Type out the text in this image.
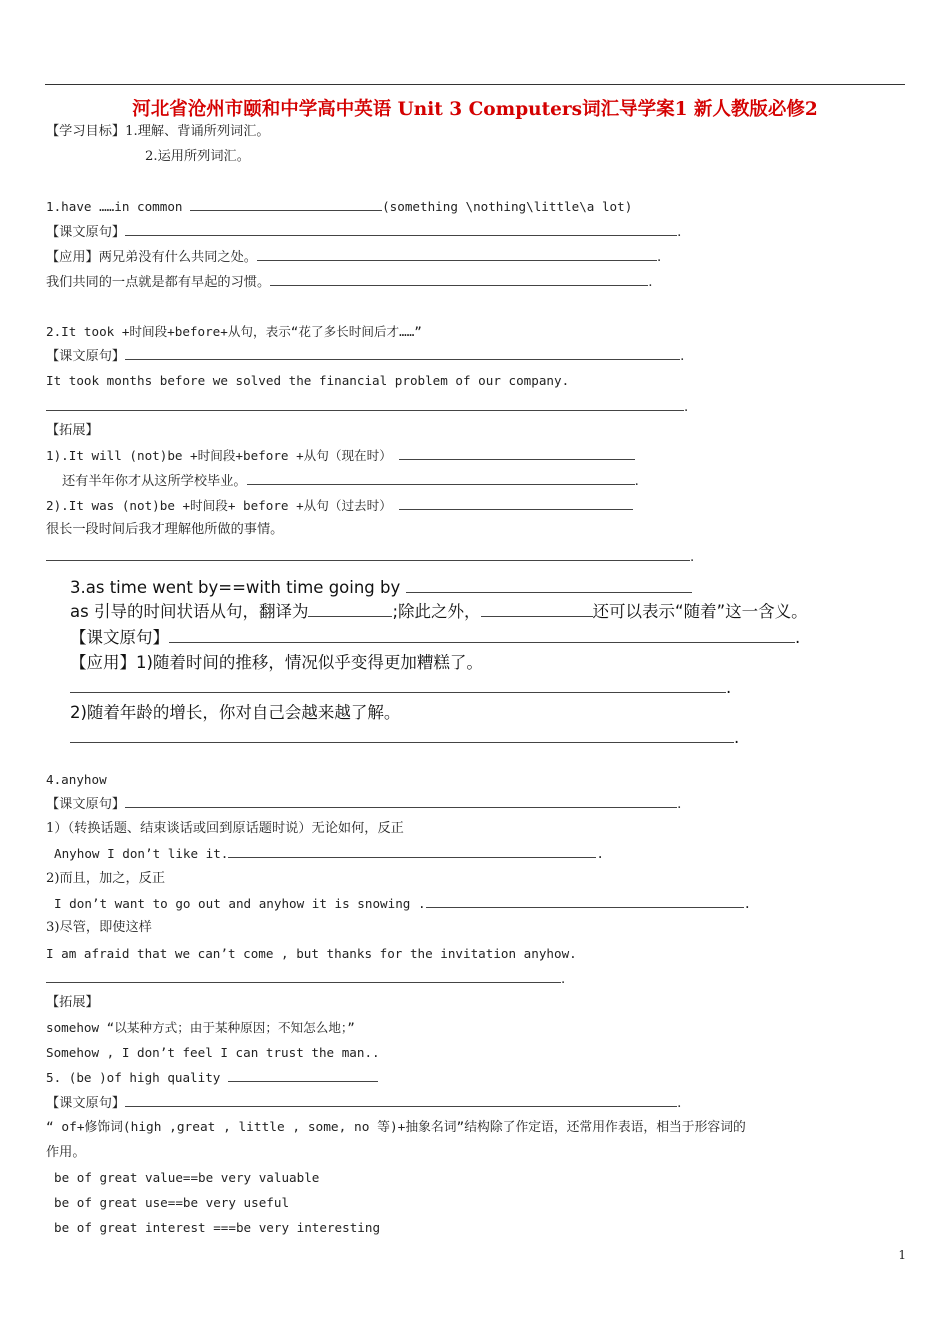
河北省沧州市颐和中学高中英语 Unit 3 Computers词汇导学案1 新人教版必修2
【学习目标】1.理解、背诵所列词汇。
2.运用所列词汇。
1.have ……in common	(something \nothing\little\a lot)
【课文原句】	.
【应用】两兄弟没有什么共同之处。	.
我们共同的一点就是都有早起的习惯。	.
2.It took +时间段+before+从句，表示“花了多长时间后才……”
【课文原句】	.
It took months before we solved the financial problem of our company.
.
【拓展】
1).It will (not)be +时间段+before +从句（现在时）
还有半年你才从这所学校毕业。	.
2).It was (not)be +时间段+ before +从句（过去时）
很长一段时间后我才理解他所做的事情。
.
3.as time went by==with time going by
as 引导的时间状语从句，翻译为	;除此之外，	还可以表示“随着”这一含义。
【课文原句】	.
【应用】1)随着时间的推移，情况似乎变得更加糟糕了。
.
2)随着年龄的增长，你对自己会越来越了解。
.
4.anyhow
【课文原句】	.
1）（转换话题、结束谈话或回到原话题时说）无论如何，反正
Anyhow I don’t like it.	.
2)而且，加之，反正
I don’t want to go out and anyhow it is snowing .	.
3)尽管，即使这样
I am afraid that we can’t come , but thanks for the invitation anyhow.
.
【拓展】
somehow “以某种方式；由于某种原因；不知怎么地；”
Somehow , I don’t feel I can trust the man..
5. (be )of high quality
【课文原句】	.
“ of+修饰词(high ,great , little , some, no 等)+抽象名词”结构除了作定语，还常用作表语，相当于形容词的
作用。
be of great value==be very valuable
be of great use==be very useful
be of great interest ===be very interesting
1
